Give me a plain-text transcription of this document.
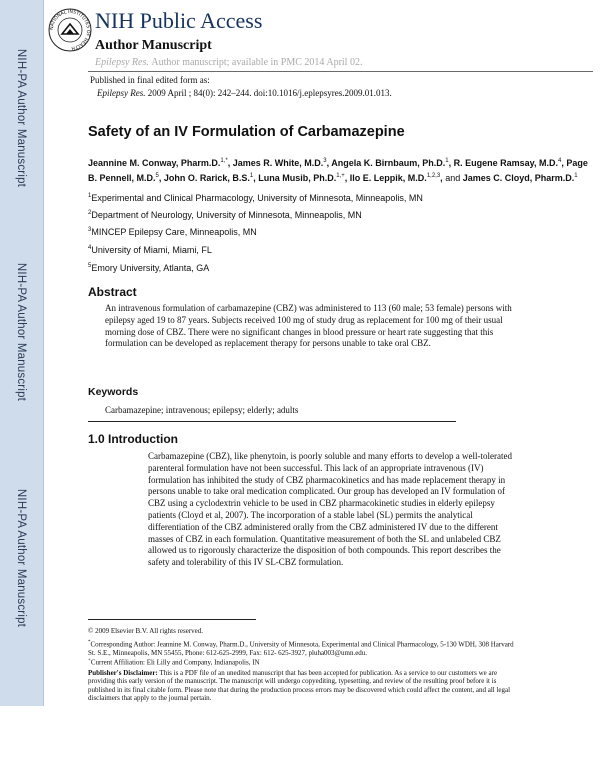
NIH-PA Author Manuscript
NIH-PA Author Manuscript
NIH-PA Author Manuscript
NATIONAL INSTITUTES OF HEALTH
NIH Public Access
Author Manuscript
Epilepsy Res. Author manuscript; available in PMC 2014 April 02.
Published in final edited form as:
Epilepsy Res. 2009 April ; 84(0): 242–244. doi:10.1016/j.eplepsyres.2009.01.013.
Safety of an IV Formulation of Carbamazepine
Jeannine M. Conway, Pharm.D.$^{1,*}$, James R. White, M.D.$^3$, Angela K. Birnbaum, Ph.D.$^1$, R. Eugene Ramsay, M.D.$^4$, Page B. Pennell, M.D.$^5$, John O. Rarick, B.S.$^1$, Luna Musib, Ph.D.$^{1,+}$, Ilo E. Leppik, M.D.$^{1,2,3}$, and James C. Cloyd, Pharm.D.$^1$
$^1$Experimental and Clinical Pharmacology, University of Minnesota, Minneapolis, MN
$^2$Department of Neurology, University of Minnesota, Minneapolis, MN
$^3$MINCEP Epilepsy Care, Minneapolis, MN
$^4$University of Miami, Miami, FL
$^5$Emory University, Atlanta, GA
Abstract
An intravenous formulation of carbamazepine (CBZ) was administered to 113 (60 male; 53 female) persons with epilepsy aged 19 to 87 years. Subjects received 100 mg of study drug as replacement for 100 mg of their usual morning dose of CBZ. There were no significant changes in blood pressure or heart rate suggesting that this formulation can be developed as replacement therapy for persons unable to take oral CBZ.
Keywords
Carbamazepine; intravenous; epilepsy; elderly; adults
1.0 Introduction
Carbamazepine (CBZ), like phenytoin, is poorly soluble and many efforts to develop a well-tolerated parenteral formulation have not been successful. This lack of an appropriate intravenous (IV) formulation has inhibited the study of CBZ pharmacokinetics and has made replacement therapy in persons unable to take oral medication complicated. Our group has developed an IV formulation of CBZ using a cyclodextrin vehicle to be used in CBZ pharmacokinetic studies in elderly epilepsy patients (Cloyd et al, 2007). The incorporation of a stable label (SL) permits the analytical differentiation of the CBZ administered orally from the CBZ administered IV due to the different masses of CBZ in each formulation. Quantitative measurement of both the SL and unlabeled CBZ allowed us to rigorously characterize the disposition of both compounds. This report describes the safety and tolerability of this IV SL-CBZ formulation.
© 2009 Elsevier B.V. All rights reserved.
*Corresponding Author: Jeannine M. Conway, Pharm.D., University of Minnesota, Experimental and Clinical Pharmacology, 5-130 WDH, 308 Harvard St. S.E., Minneapolis, MN 55455, Phone: 612-625-2999, Fax: 612- 625-3927, pluha003@umn.edu.
+Current Affiliation: Eli Lilly and Company, Indianapolis, IN
Publisher's Disclaimer: This is a PDF file of an unedited manuscript that has been accepted for publication. As a service to our customers we are providing this early version of the manuscript. The manuscript will undergo copyediting, typesetting, and review of the resulting proof before it is published in its final citable form. Please note that during the production process errors may be discovered which could affect the content, and all legal disclaimers that apply to the journal pertain.
